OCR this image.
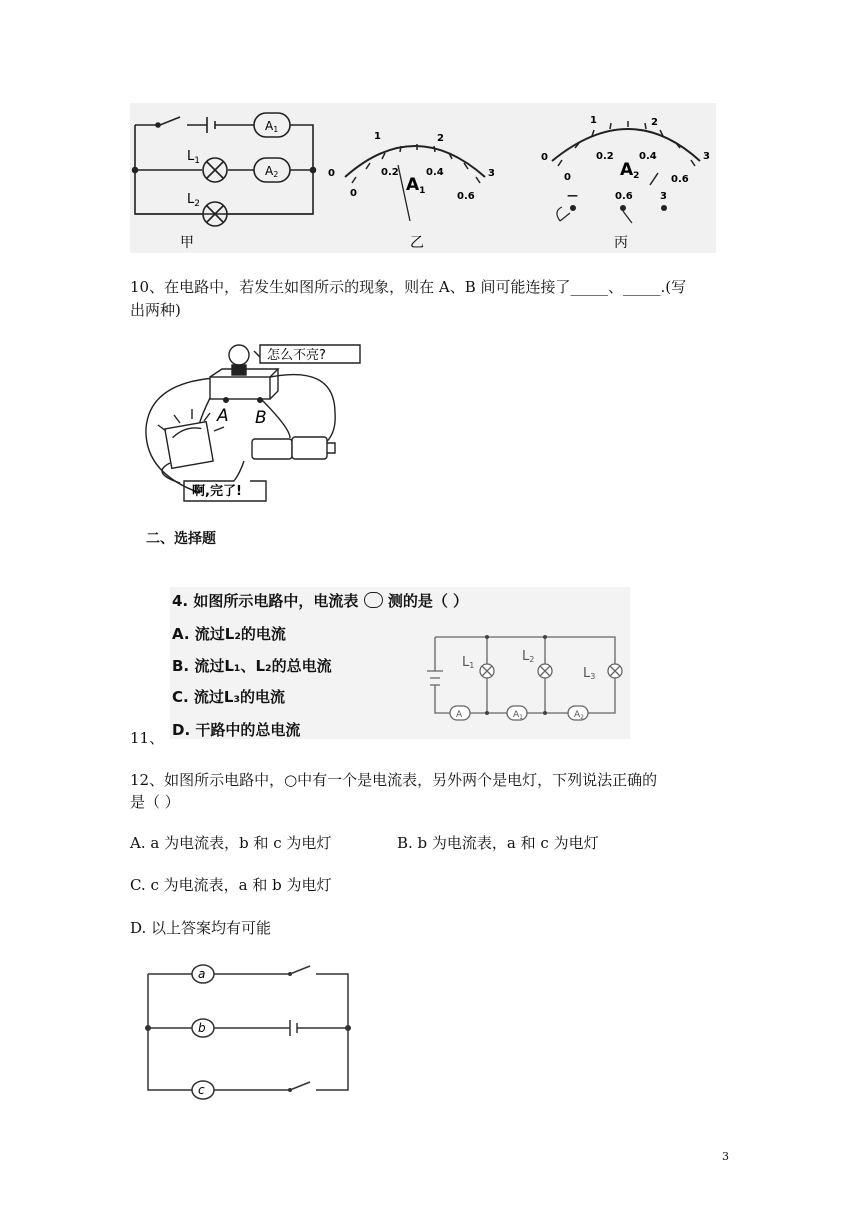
A1
A2
$L_1$
$L_2$
甲
0
1	2
3
0
0.2	0.4
0.6
A1
乙
0
1	2
3
0
0.2	0.4
0.6
A2
—	0.6	3
丙
10、在电路中，若发生如图所示的现象，则在 A、B 间可能连接了_____、_____.(写
出两种)
怎么不亮?
啊,完了!
A B
二、选择题
4. 如图所示电路中，电流表 测的是（ ）
A. 流过L₂的电流
B. 流过L₁、L₂的总电流
C. 流过L₃的电流
D. 干路中的总电流
11、
L1
L2
L3
A	$A_1$	$A_2$
12、如图所示电路中，○中有一个是电流表，另外两个是电灯，下列说法正确的
是（ ）
A. a 为电流表，b 和 c 为电灯	B. b 为电流表，a 和 c 为电灯
C. c 为电流表，a 和 b 为电灯
D. 以上答案均有可能
a
b
c
3
